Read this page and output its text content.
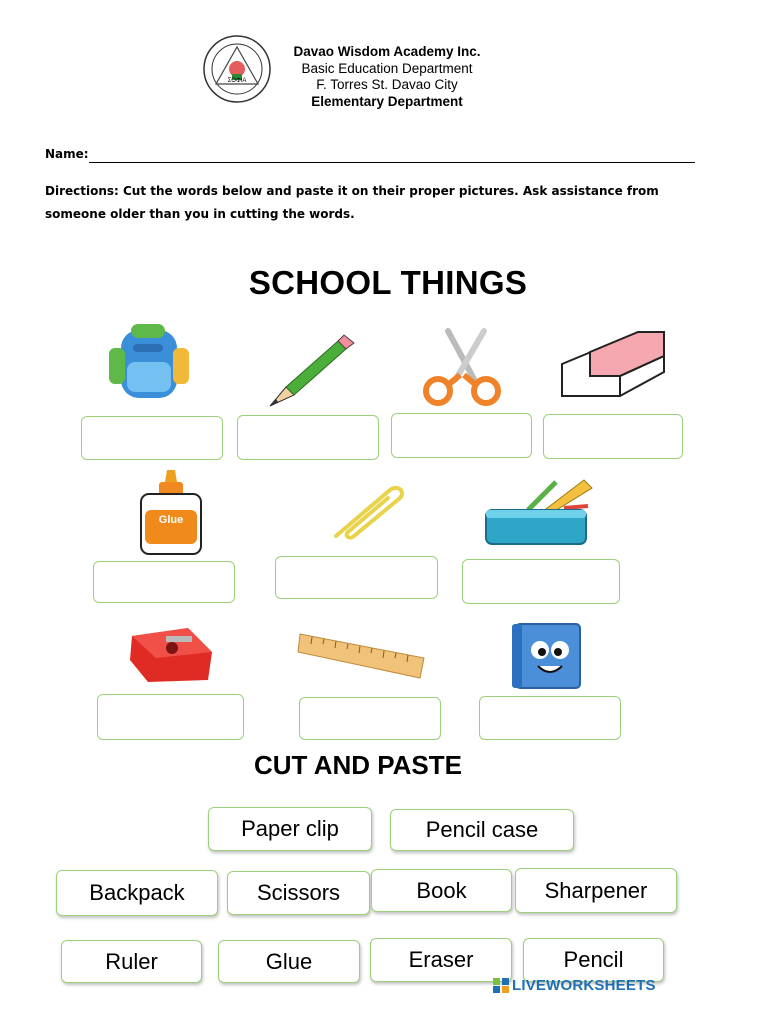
ΣΟΦΙΑ
Davao Wisdom Academy Inc.
Basic Education Department
F. Torres St. Davao City
Elementary Department
Name:
Directions: Cut the words below and paste it on their proper pictures. Ask assistance from someone older than you in cutting the words.
SCHOOL THINGS
Glue
CUT AND PASTE
Paper clip	Pencil case
Backpack	Scissors	Book	Sharpener
Ruler	Glue	Eraser	Pencil
LIVEWORKSHEETS
